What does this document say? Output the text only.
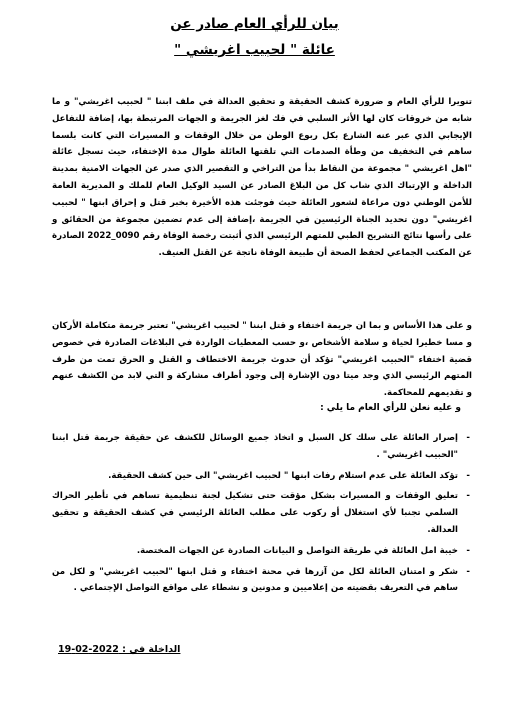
بيان للرأي العام صادر عن
عائلة " لحبيب اغريشي "
تنويرا للرأي العام و ضرورة كشف الحقيقة و تحقيق العدالة في ملف ابننا " لحبيب اغريشي" و ما شابه من خروقات كان لها الأثر السلبي في فك لغز الجريمة و الجهات المرتبطة بها، إضافة للتفاعل الإيجابي الذي عبر عنه الشارع بكل ربوع الوطن من خلال الوقفات و المسيرات التي كانت بلسما ساهم في التخفيف من وطأة الصدمات التي تلقتها العائلة طوال مدة الإختفاء، حيث تسجل عائلة "اهل اغريشي " مجموعة من النقاط بدأ من التراخي و التقصير الذي صدر عن الجهات الامنية بمدينة الداخلة و الإرتباك الذي شاب كل من البلاغ الصادر عن السيد الوكيل العام للملك و المديرية العامة للأمن الوطني دون مراعاة لشعور العائلة حيث فوجئت هذه الأخيرة بخبر قتل و إحراق ابنها " لحبيب اغريشي" دون تحديد الجناة الرئيسين في الجريمة ،إضافة إلى عدم تضمين مجموعة من الحقائق و على رأسها نتائج التشريح الطبي للمتهم الرئيسي الذي أثبتت رخصة الوفاة رقم 0090_2022 الصادرة عن المكتب الجماعي لحفظ الصحة أن طبيعة الوفاة ناتجة عن القتل العنيف.
و على هذا الأساس و بما ان جريمة اختفاء و قتل ابننا " لحبيب اغريشي" تعتبر جريمة متكاملة الأركان و مسا خطيرا لحياة و سلامة الأشخاص ،و حسب المعطيات الواردة في البلاغات الصادرة في خصوص قضية اختفاء "الحبيب اغريشي" تؤكد أن حدوث جريمة الاختطاف و القتل و الحرق تمت من طرف المتهم الرئيسي الذي وجد ميتا دون الإشارة إلى وجود أطراف مشاركة و التي لابد من الكشف عنهم و تقديمهم للمحاكمة.
و عليه نعلن للرأي العام ما يلي :
- إصرار العائلة على سلك كل السبل و اتخاذ جميع الوسائل للكشف عن حقيقة جريمة قتل ابننا "الحبيب اغريشي" .
- تؤكد العائلة على عدم استلام رفات ابنها " لحبيب اغريشي" الى حين كشف الحقيقة.
- تعليق الوقفات و المسيرات بشكل مؤقت حتى تشكيل لجنة تنظيمية تساهم في تأطير الحراك السلمي تجنبا لأي استغلال أو ركوب على مطلب العائلة الرئيسي في كشف الحقيقة و تحقيق العدالة.
- خيبة امل العائلة في طريقة التواصل و البيانات الصادرة عن الجهات المختصة.
- شكر و امتنان العائلة لكل من آزرها في محنة اختفاء و قتل ابنها "لحبيب اغريشي" و لكل من ساهم في التعريف بقضيته من إعلاميين و مدونين و نشطاء على مواقع التواصل الإجتماعي .
الداخلة في : 2022-02-19
